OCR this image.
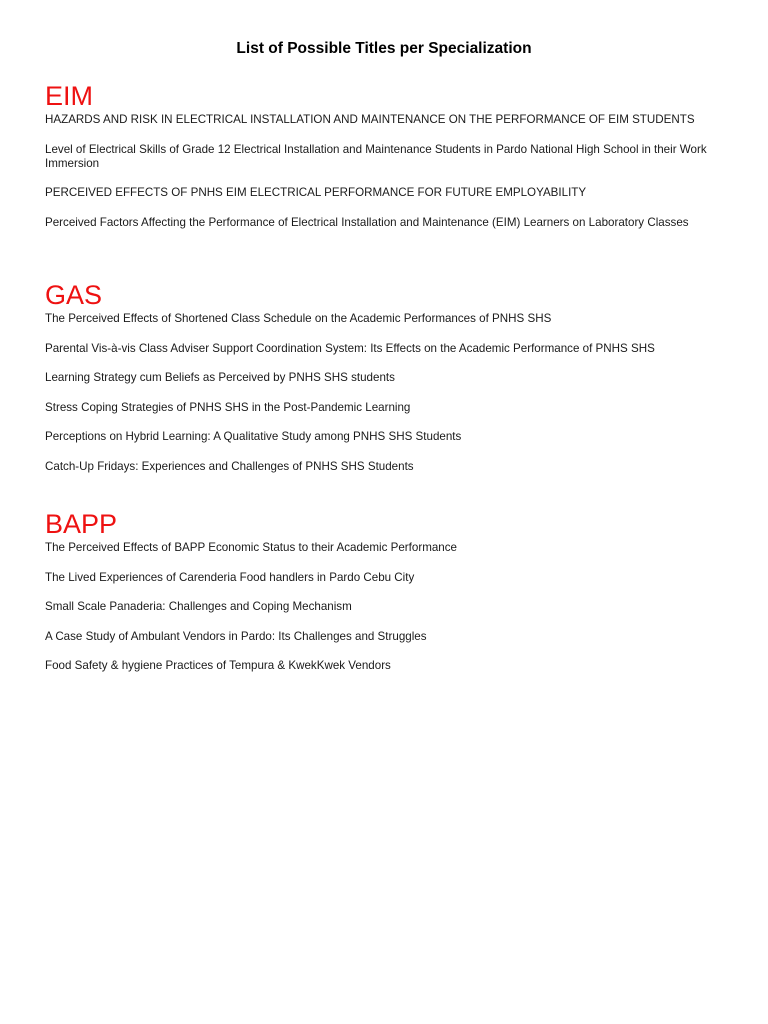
List of Possible Titles per Specialization
EIM
HAZARDS AND RISK IN ELECTRICAL INSTALLATION AND MAINTENANCE ON THE PERFORMANCE OF EIM STUDENTS
Level of Electrical Skills of Grade 12 Electrical Installation and Maintenance Students in Pardo National High School in their Work Immersion
PERCEIVED EFFECTS OF PNHS EIM ELECTRICAL PERFORMANCE FOR FUTURE EMPLOYABILITY
Perceived Factors Affecting the Performance of Electrical Installation and Maintenance (EIM) Learners on Laboratory Classes
GAS
The Perceived Effects of Shortened Class Schedule on the Academic Performances of PNHS SHS
Parental Vis-à-vis Class Adviser Support Coordination System: Its Effects on the Academic Performance of PNHS SHS
Learning Strategy cum Beliefs as Perceived by PNHS SHS students
Stress Coping Strategies of PNHS SHS in the Post-Pandemic Learning
Perceptions on Hybrid Learning: A Qualitative Study among PNHS SHS Students
Catch-Up Fridays: Experiences and Challenges of PNHS SHS Students
BAPP
The Perceived Effects of BAPP Economic Status to their Academic Performance
The Lived Experiences of Carenderia Food handlers in Pardo Cebu City
Small Scale Panaderia: Challenges and Coping Mechanism
A Case Study of Ambulant Vendors in Pardo: Its Challenges and Struggles
Food Safety & hygiene Practices of Tempura & KwekKwek Vendors
